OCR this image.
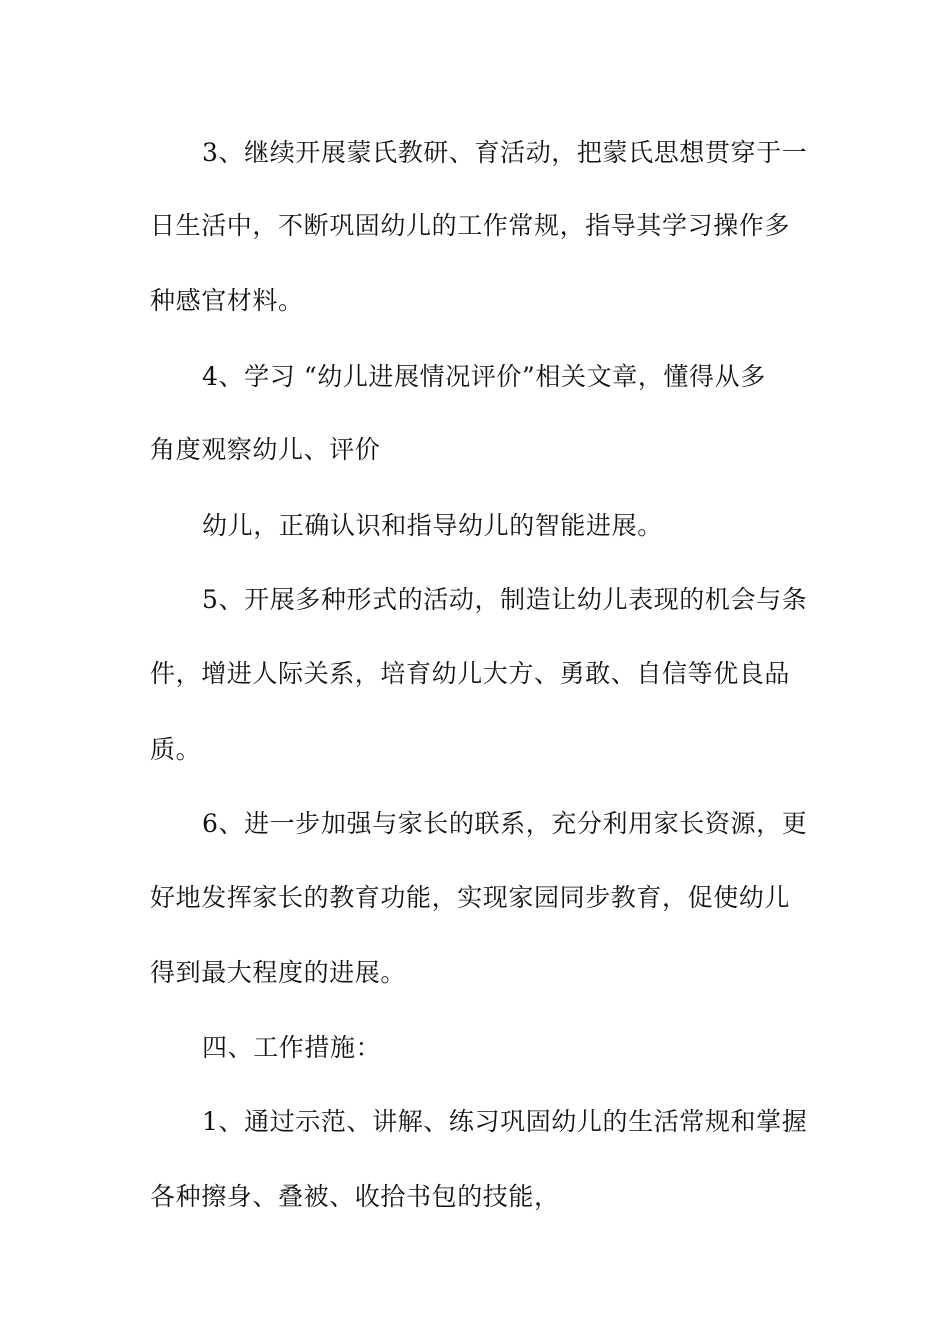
3、继续开展蒙氏教研、育活动，把蒙氏思想贯穿于一
日生活中，不断巩固幼儿的工作常规，指导其学习操作多
种感官材料。
4、学习 “幼儿进展情况评价”相关文章，懂得从多
角度观察幼儿、评价
幼儿，正确认识和指导幼儿的智能进展。
5、开展多种形式的活动，制造让幼儿表现的机会与条
件，增进人际关系，培育幼儿大方、勇敢、自信等优良品
质。
6、进一步加强与家长的联系，充分利用家长资源，更
好地发挥家长的教育功能，实现家园同步教育，促使幼儿
得到最大程度的进展。
四、工作措施：
1、通过示范、讲解、练习巩固幼儿的生活常规和掌握
各种擦身、叠被、收拾书包的技能，
